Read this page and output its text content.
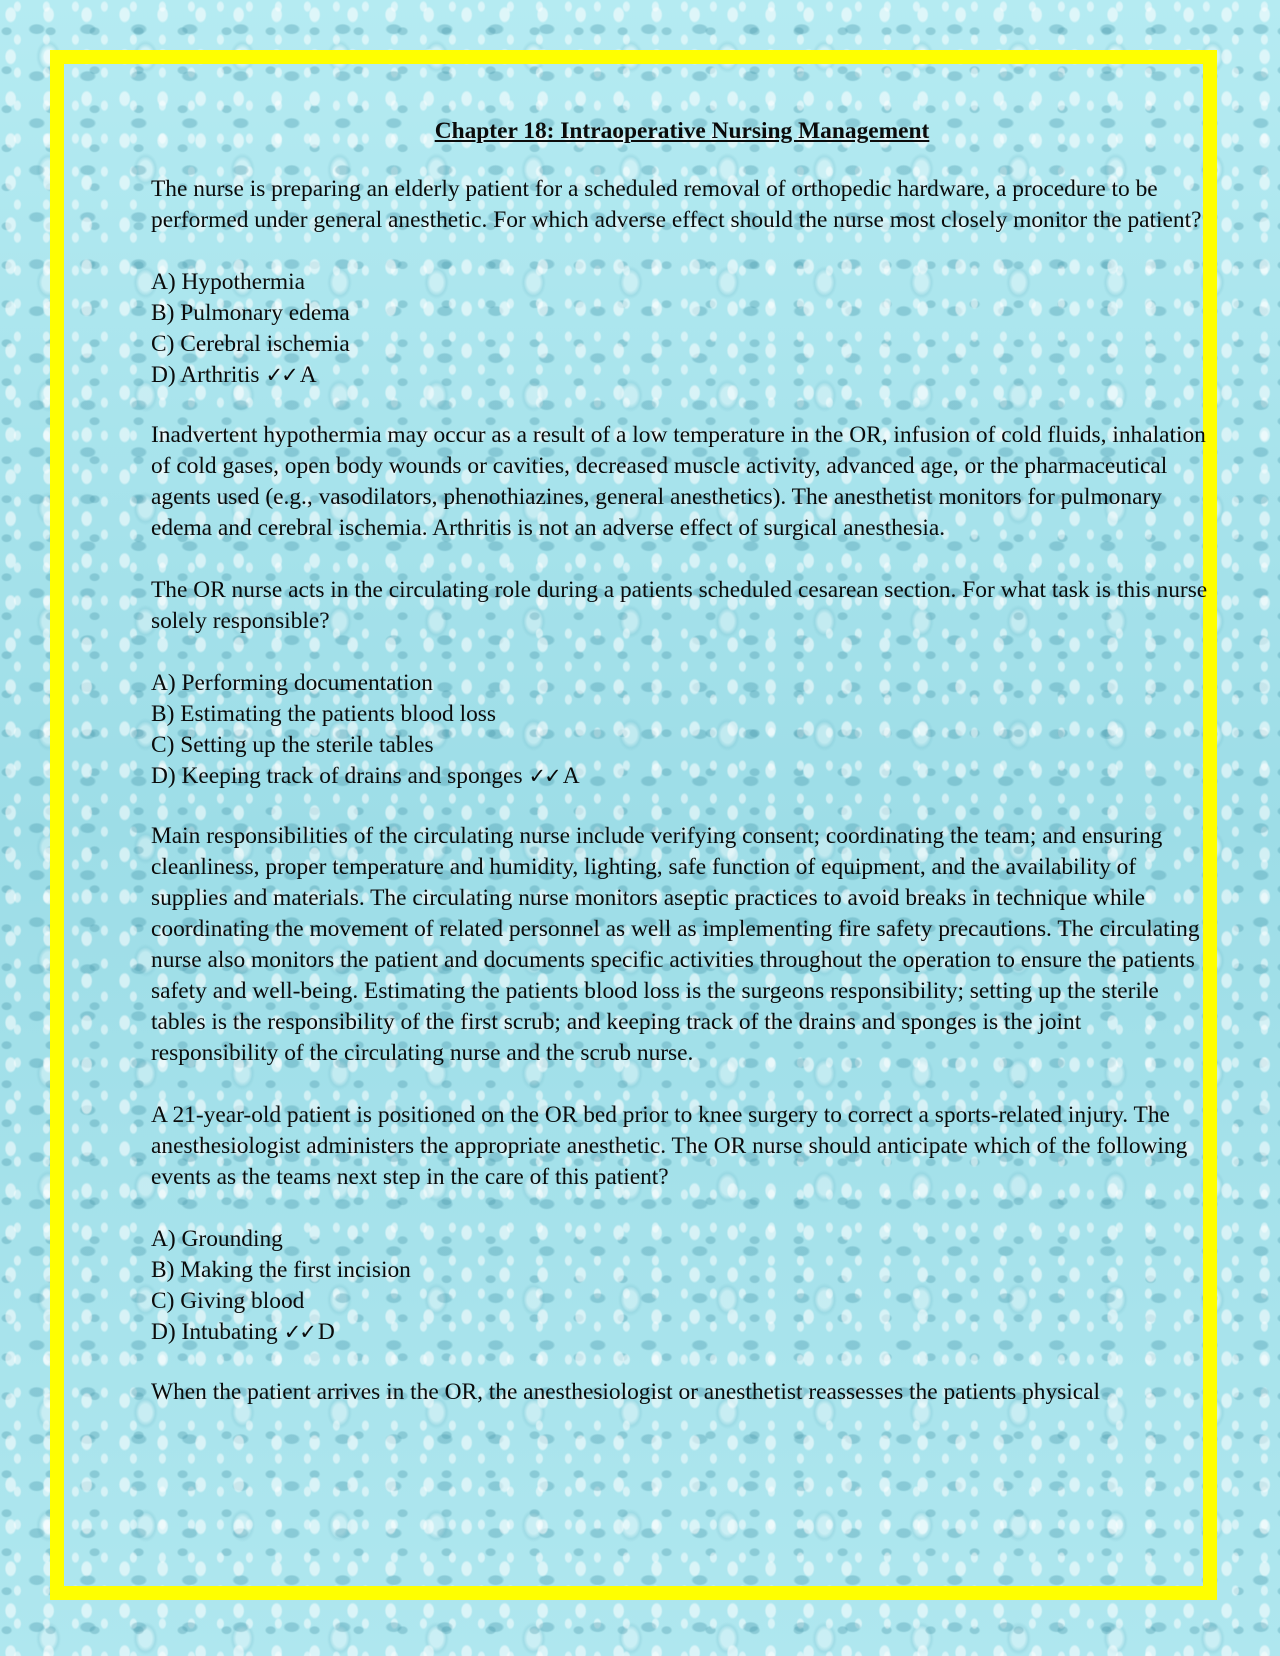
Chapter 18: Intraoperative Nursing Management
The nurse is preparing an elderly patient for a scheduled removal of orthopedic hardware, a procedure to be performed under general anesthetic. For which adverse effect should the nurse most closely monitor the patient?
A) Hypothermia
B) Pulmonary edema
C) Cerebral ischemia
D) Arthritis ✓✓ A
Inadvertent hypothermia may occur as a result of a low temperature in the OR, infusion of cold fluids, inhalation of cold gases, open body wounds or cavities, decreased muscle activity, advanced age, or the pharmaceutical agents used (e.g., vasodilators, phenothiazines, general anesthetics). The anesthetist monitors for pulmonary edema and cerebral ischemia. Arthritis is not an adverse effect of surgical anesthesia.
The OR nurse acts in the circulating role during a patients scheduled cesarean section. For what task is this nurse solely responsible?
A) Performing documentation
B) Estimating the patients blood loss
C) Setting up the sterile tables
D) Keeping track of drains and sponges ✓✓ A
Main responsibilities of the circulating nurse include verifying consent; coordinating the team; and ensuring cleanliness, proper temperature and humidity, lighting, safe function of equipment, and the availability of supplies and materials. The circulating nurse monitors aseptic practices to avoid breaks in technique while coordinating the movement of related personnel as well as implementing fire safety precautions. The circulating nurse also monitors the patient and documents specific activities throughout the operation to ensure the patients safety and well-being. Estimating the patients blood loss is the surgeons responsibility; setting up the sterile tables is the responsibility of the first scrub; and keeping track of the drains and sponges is the joint responsibility of the circulating nurse and the scrub nurse.
A 21-year-old patient is positioned on the OR bed prior to knee surgery to correct a sports-related injury. The anesthesiologist administers the appropriate anesthetic. The OR nurse should anticipate which of the following events as the teams next step in the care of this patient?
A) Grounding
B) Making the first incision
C) Giving blood
D) Intubating ✓✓ D
When the patient arrives in the OR, the anesthesiologist or anesthetist reassesses the patients physical
